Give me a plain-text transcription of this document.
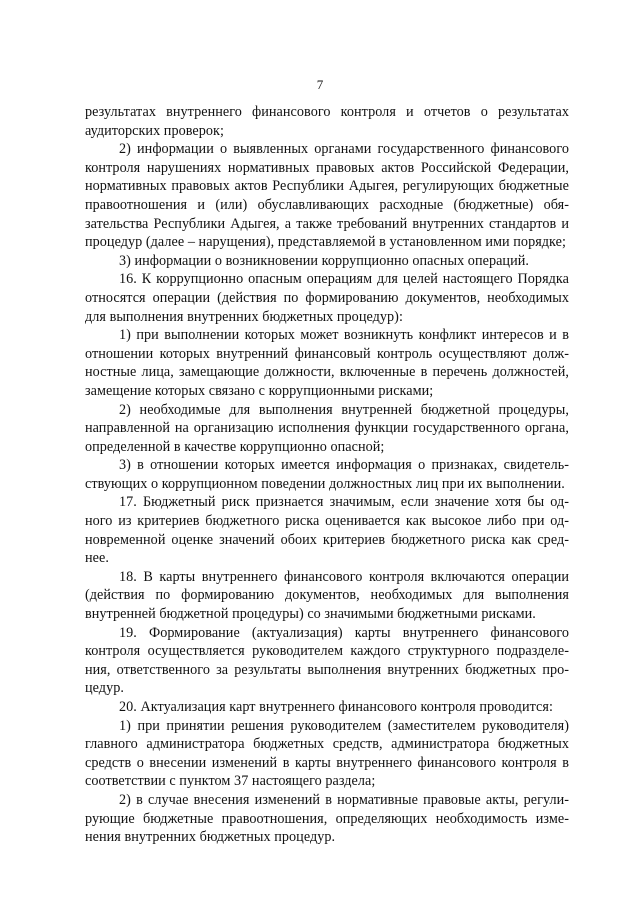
7

результатах внутреннего финансового контроля и отчетов о результатах аудиторских проверок;

2) информации о выявленных органами государственного финансового контроля нарушениях нормативных правовых актов Российской Федерации, нормативных правовых актов Республики Адыгея, регулирующих бюджетные правоотношения и (или) обуславливающих расходные (бюджетные) обязательства Республики Адыгея, а также требований внутренних стандартов и процедур (далее – нарущения), представляемой в установленном ими порядке;

3) информации о возникновении коррупционно опасных операций.

16. К коррупционно опасным операциям для целей настоящего Порядка относятся операции (действия по формированию документов, необходимых для выполнения внутренних бюджетных процедур):

1) при выполнении которых может возникнуть конфликт интересов и в отношении которых внутренний финансовый контроль осуществляют должностные лица, замещающие должности, включенные в перечень должностей, замещение которых связано с коррупционными рисками;

2) необходимые для выполнения внутренней бюджетной процедуры, направленной на организацию исполнения функции государственного органа, определенной в качестве коррупционно опасной;

3) в отношении которых имеется информация о признаках, свидетельствующих о коррупционном поведении должностных лиц при их выполнении.

17. Бюджетный риск признается значимым, если значение хотя бы одного из критериев бюджетного риска оценивается как высокое либо при одновременной оценке значений обоих критериев бюджетного риска как среднее.

18. В карты внутреннего финансового контроля включаются операции (действия по формированию документов, необходимых для выполнения внутренней бюджетной процедуры) со значимыми бюджетными рисками.

19. Формирование (актуализация) карты внутреннего финансового контроля осуществляется руководителем каждого структурного подразделения, ответственного за результаты выполнения внутренних бюджетных процедур.

20. Актуализация карт внутреннего финансового контроля проводится:

1) при принятии решения руководителем (заместителем руководителя) главного администратора бюджетных средств, администратора бюджетных средств о внесении изменений в карты внутреннего финансового контроля в соответствии с пунктом 37 настоящего раздела;

2) в случае внесения изменений в нормативные правовые акты, регулирующие бюджетные правоотношения, определяющих необходимость изменения внутренних бюджетных процедур.
